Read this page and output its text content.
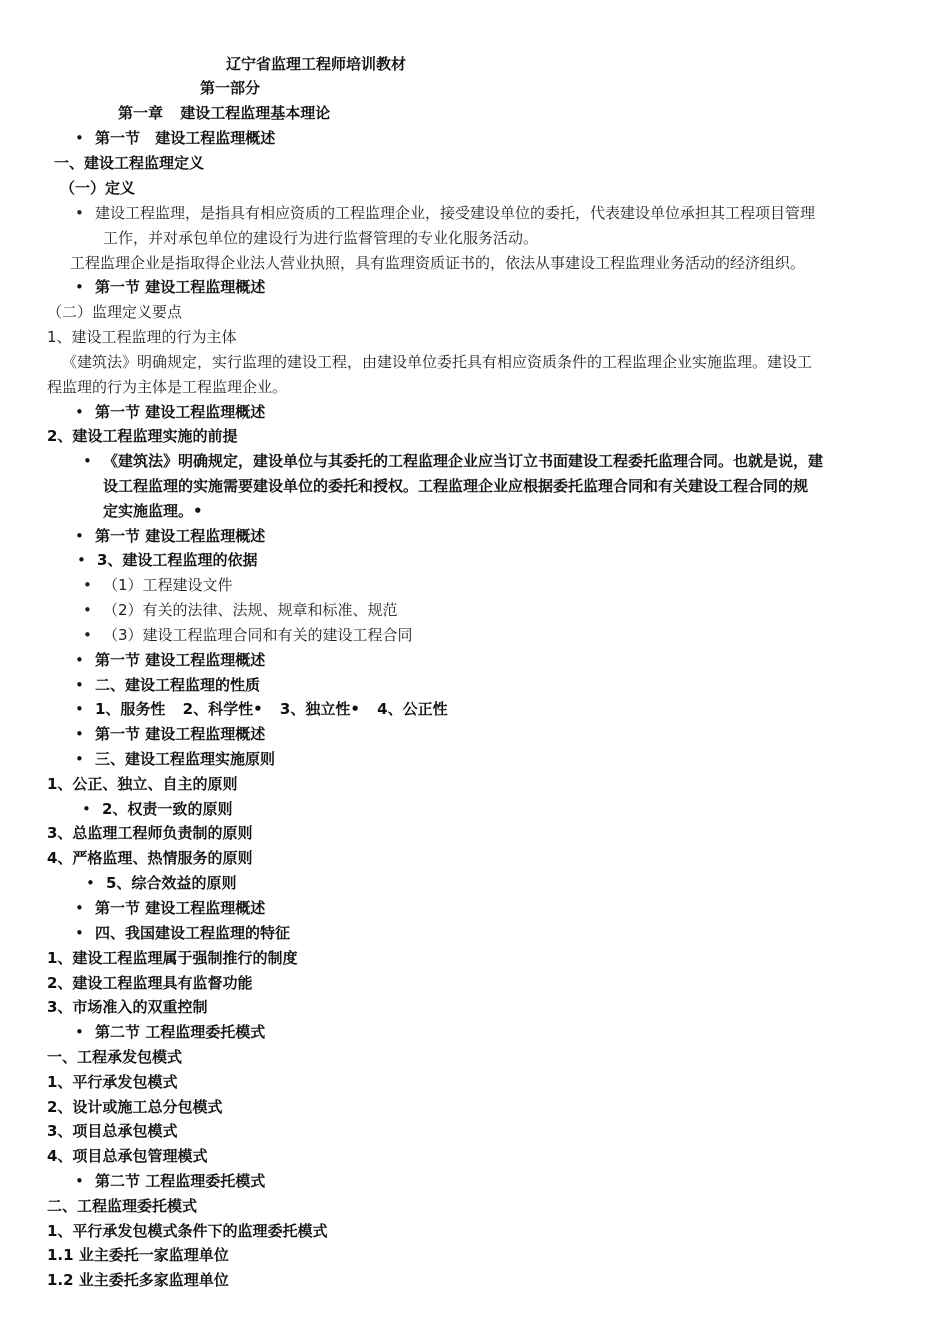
辽宁省监理工程师培训教材
第一部分
第一章 建设工程监理基本理论
• 第一节 建设工程监理概述
一、建设工程监理定义
（一）定义
• 建设工程监理，是指具有相应资质的工程监理企业，接受建设单位的委托，代表建设单位承担其工程项目管理
工作，并对承包单位的建设行为进行监督管理的专业化服务活动。
工程监理企业是指取得企业法人营业执照，具有监理资质证书的，依法从事建设工程监理业务活动的经济组织。
• 第一节 建设工程监理概述
（二）监理定义要点
1、建设工程监理的行为主体
《建筑法》明确规定，实行监理的建设工程，由建设单位委托具有相应资质条件的工程监理企业实施监理。建设工
程监理的行为主体是工程监理企业。
• 第一节 建设工程监理概述
2、建设工程监理实施的前提
• 《建筑法》明确规定，建设单位与其委托的工程监理企业应当订立书面建设工程委托监理合同。也就是说，建
设工程监理的实施需要建设单位的委托和授权。工程监理企业应根据委托监理合同和有关建设工程合同的规
定实施监理。•
• 第一节 建设工程监理概述
• 3、建设工程监理的依据
• （1）工程建设文件
• （2）有关的法律、法规、规章和标准、规范
• （3）建设工程监理合同和有关的建设工程合同
• 第一节 建设工程监理概述
• 二、建设工程监理的性质
• 1、服务性 2、科学性• 3、独立性• 4、公正性
• 第一节 建设工程监理概述
• 三、建设工程监理实施原则
1、公正、独立、自主的原则
• 2、权责一致的原则
3、总监理工程师负责制的原则
4、严格监理、热情服务的原则
• 5、综合效益的原则
• 第一节 建设工程监理概述
• 四、我国建设工程监理的特征
1、建设工程监理属于强制推行的制度
2、建设工程监理具有监督功能
3、市场准入的双重控制
• 第二节 工程监理委托模式
一、工程承发包模式
1、平行承发包模式
2、设计或施工总分包模式
3、项目总承包模式
4、项目总承包管理模式
• 第二节 工程监理委托模式
二、工程监理委托模式
1、平行承发包模式条件下的监理委托模式
1.1 业主委托一家监理单位
1.2 业主委托多家监理单位
